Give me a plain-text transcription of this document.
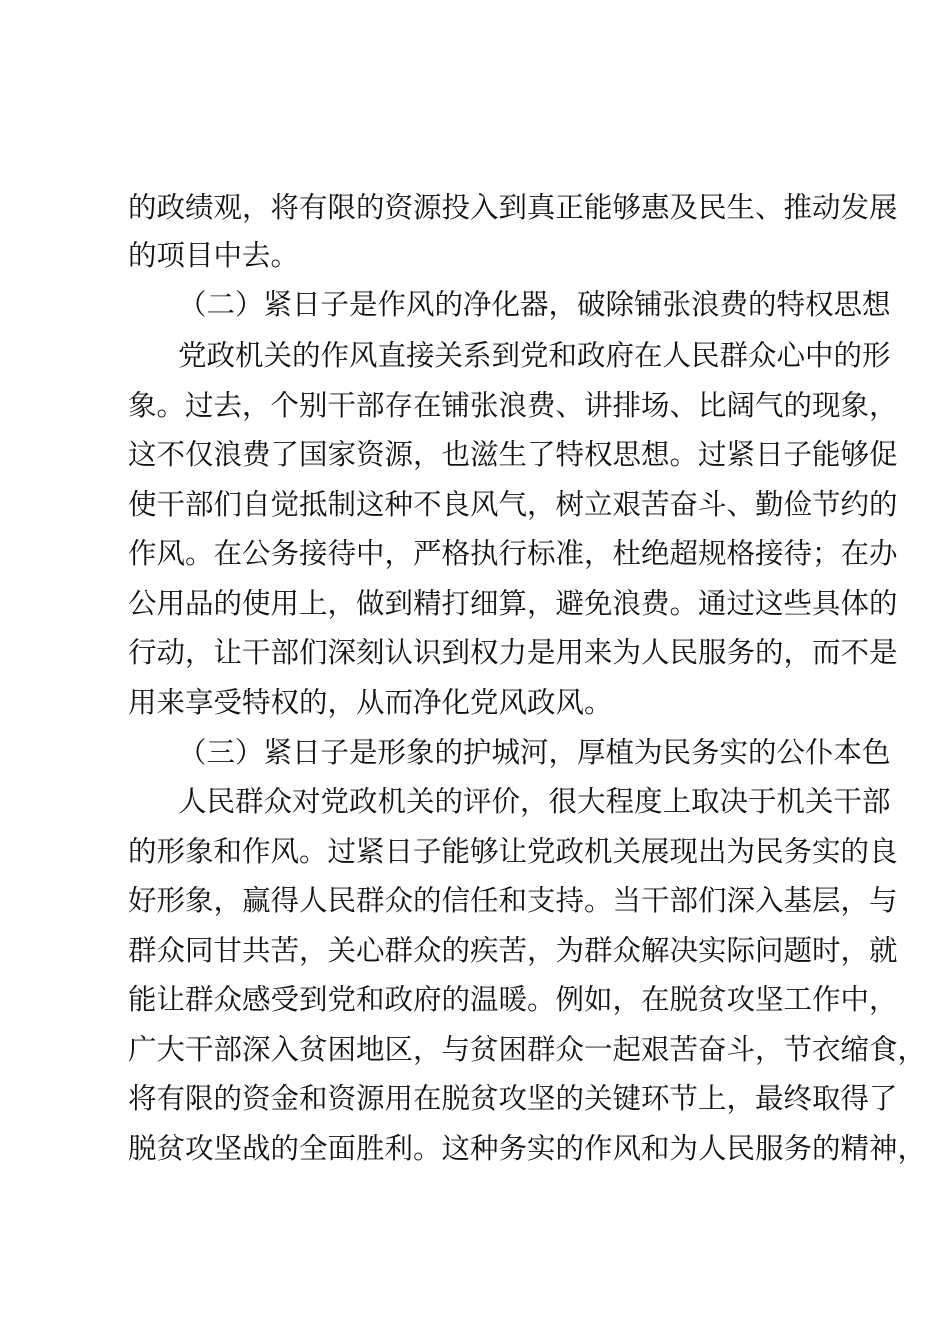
的政绩观，将有限的资源投入到真正能够惠及民生、推动发展
的项目中去。
（二）紧日子是作风的净化器，破除铺张浪费的特权思想
党政机关的作风直接关系到党和政府在人民群众心中的形
象。过去，个别干部存在铺张浪费、讲排场、比阔气的现象，
这不仅浪费了国家资源，也滋生了特权思想。过紧日子能够促
使干部们自觉抵制这种不良风气，树立艰苦奋斗、勤俭节约的
作风。在公务接待中，严格执行标准，杜绝超规格接待；在办
公用品的使用上，做到精打细算，避免浪费。通过这些具体的
行动，让干部们深刻认识到权力是用来为人民服务的，而不是
用来享受特权的，从而净化党风政风。
（三）紧日子是形象的护城河，厚植为民务实的公仆本色
人民群众对党政机关的评价，很大程度上取决于机关干部
的形象和作风。过紧日子能够让党政机关展现出为民务实的良
好形象，赢得人民群众的信任和支持。当干部们深入基层，与
群众同甘共苦，关心群众的疾苦，为群众解决实际问题时，就
能让群众感受到党和政府的温暖。例如，在脱贫攻坚工作中，
广大干部深入贫困地区，与贫困群众一起艰苦奋斗，节衣缩食，
将有限的资金和资源用在脱贫攻坚的关键环节上，最终取得了
脱贫攻坚战的全面胜利。这种务实的作风和为人民服务的精神，
